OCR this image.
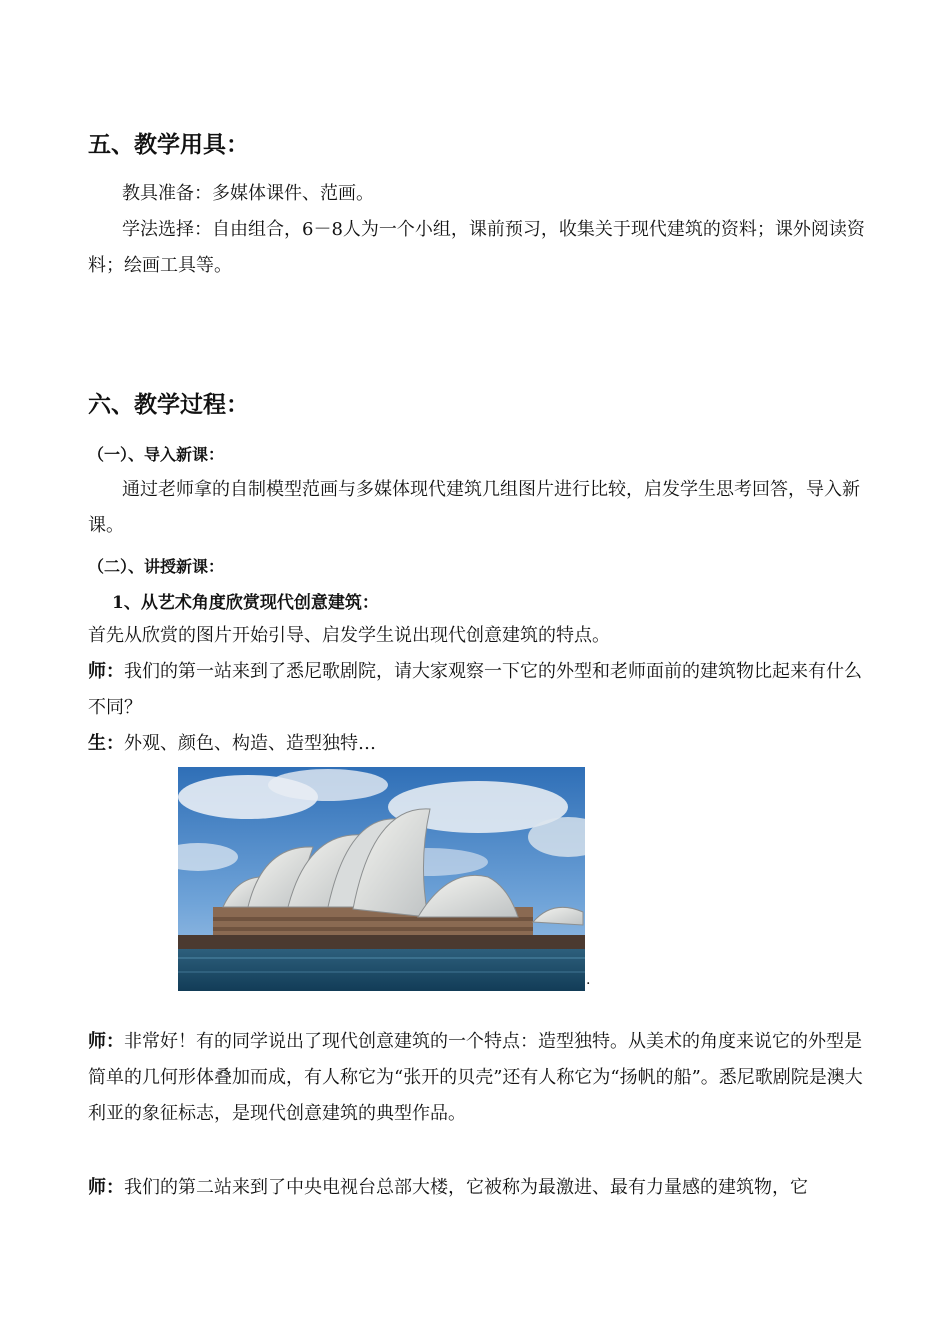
五、教学用具：
教具准备：多媒体课件、范画。
学法选择：自由组合，6－8人为一个小组，课前预习，收集关于现代建筑的资料；课外阅读资料；绘画工具等。
六、教学过程：
（一）、导入新课：
通过老师拿的自制模型范画与多媒体现代建筑几组图片进行比较，启发学生思考回答，导入新课。
（二）、讲授新课：
1、从艺术角度欣赏现代创意建筑：
首先从欣赏的图片开始引导、启发学生说出现代创意建筑的特点。
师：我们的第一站来到了悉尼歌剧院，请大家观察一下它的外型和老师面前的建筑物比起来有什么不同？
生：外观、颜色、构造、造型独特…
.
师：非常好！有的同学说出了现代创意建筑的一个特点：造型独特。从美术的角度来说它的外型是简单的几何形体叠加而成，有人称它为“张开的贝壳”还有人称它为“扬帆的船”。悉尼歌剧院是澳大利亚的象征标志，是现代创意建筑的典型作品。
师：我们的第二站来到了中央电视台总部大楼，它被称为最激进、最有力量感的建筑物，它
